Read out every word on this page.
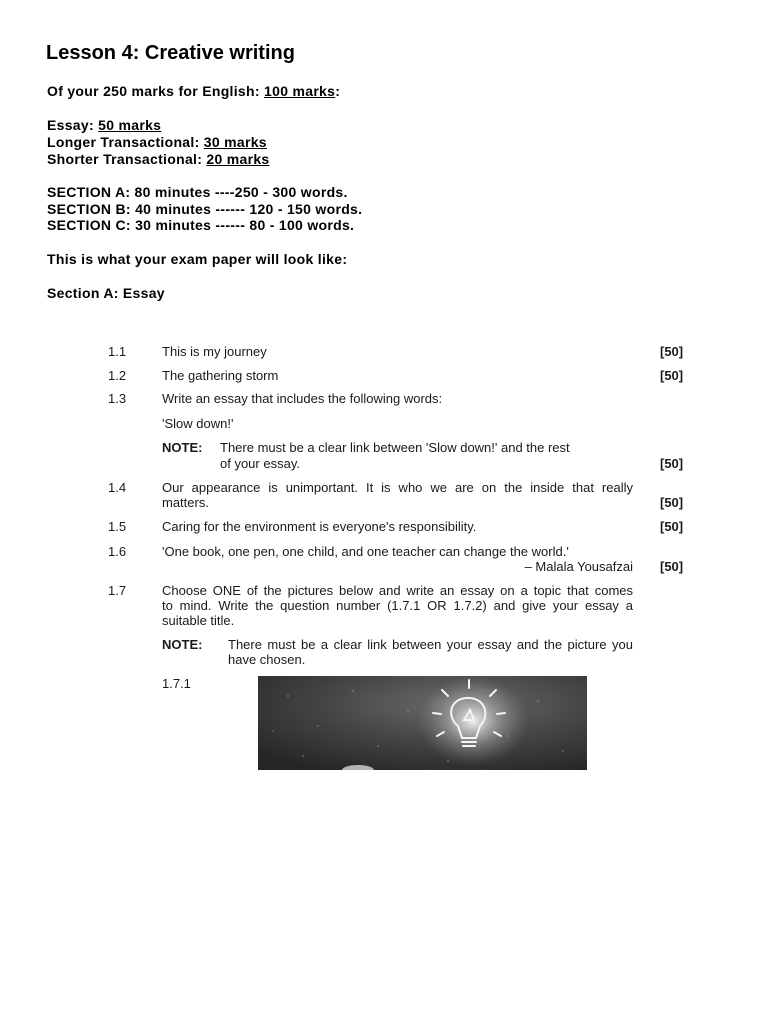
Lesson 4: Creative writing
Of your 250 marks for English: 100 marks:
Essay: 50 marks
Longer Transactional: 30 marks
Shorter Transactional: 20 marks
SECTION A: 80 minutes ----250 - 300 words.
SECTION B: 40 minutes ------ 120 - 150 words.
SECTION C: 30 minutes ------ 80 - 100 words.
This is what your exam paper will look like:
Section A: Essay
1.1	This is my journey	[50]
1.2	The gathering storm	[50]
1.3	Write an essay that includes the following words:
'Slow down!'
NOTE: There must be a clear link between 'Slow down!' and the rest
of your essay.	[50]
1.4	Our appearance is unimportant. It is who we are on the inside that really
matters.	[50]
1.5	Caring for the environment is everyone's responsibility.	[50]
1.6	'One book, one pen, one child, and one teacher can change the world.'
– Malala Yousafzai [50]
1.7	Choose ONE of the pictures below and write an essay on a topic that comes
to mind. Write the question number (1.7.1 OR 1.7.2) and give your essay a
suitable title.
NOTE: There must be a clear link between your essay and the picture you
have chosen.
1.7.1
